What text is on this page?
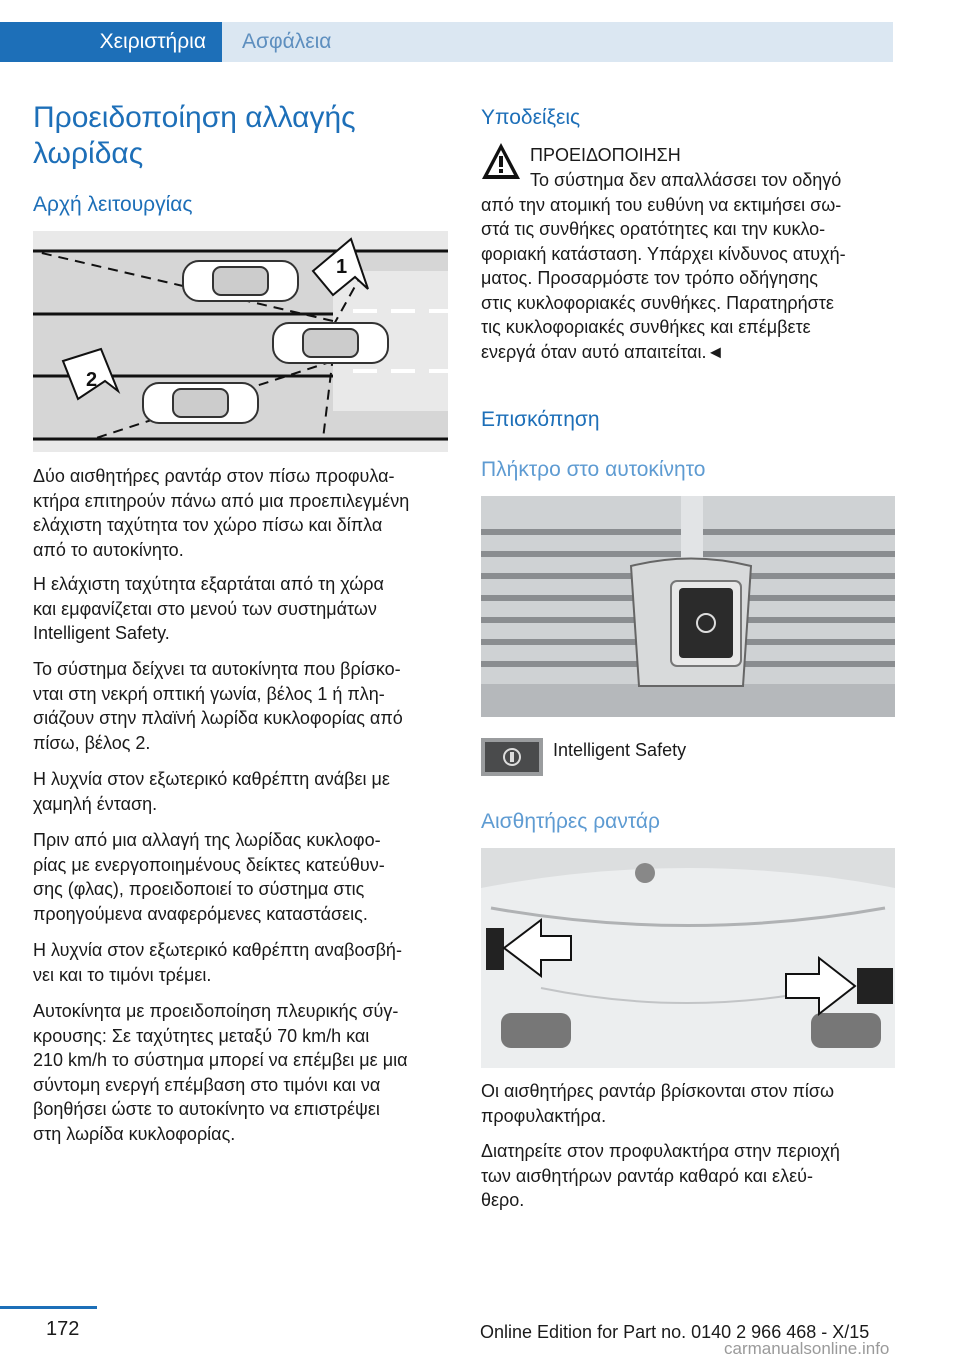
Χειριστήρια	Ασφάλεια
Προειδοποίηση αλλαγής
λωρίδας
Αρχή λειτουργίας
1
2
Δύο αισθητήρες ραντάρ στον πίσω προφυλα-
κτήρα επιτηρούν πάνω από μια προεπιλεγμένη
ελάχιστη ταχύτητα τον χώρο πίσω και δίπλα
από το αυτοκίνητο.
Η ελάχιστη ταχύτητα εξαρτάται από τη χώρα
και εμφανίζεται στο μενού των συστημάτων
Intelligent Safety.
Το σύστημα δείχνει τα αυτοκίνητα που βρίσκο-
νται στη νεκρή οπτική γωνία, βέλος 1 ή πλη-
σιάζουν στην πλαϊνή λωρίδα κυκλοφορίας από
πίσω, βέλος 2.
Η λυχνία στον εξωτερικό καθρέπτη ανάβει με
χαμηλή ένταση.
Πριν από μια αλλαγή της λωρίδας κυκλοφο-
ρίας με ενεργοποιημένους δείκτες κατεύθυν-
σης (φλας), προειδοποιεί το σύστημα στις
προηγούμενα αναφερόμενες καταστάσεις.
Η λυχνία στον εξωτερικό καθρέπτη αναβοσβή-
νει και το τιμόνι τρέμει.
Αυτοκίνητα με προειδοποίηση πλευρικής σύγ-
κρουσης: Σε ταχύτητες μεταξύ 70 km/h και
210 km/h το σύστημα μπορεί να επέμβει με μια
σύντομη ενεργή επέμβαση στο τιμόνι και να
βοηθήσει ώστε το αυτοκίνητο να επιστρέψει
στη λωρίδα κυκλοφορίας.
Υποδείξεις
ΠΡΟΕΙΔΟΠΟΙΗΣΗ
Το σύστημα δεν απαλλάσσει τον οδηγό
από την ατομική του ευθύνη να εκτιμήσει σω-
στά τις συνθήκες ορατότητες και την κυκλο-
φοριακή κατάσταση. Υπάρχει κίνδυνος ατυχή-
ματος. Προσαρμόστε τον τρόπο οδήγησης
στις κυκλοφοριακές συνθήκες. Παρατηρήστε
τις κυκλοφοριακές συνθήκες και επέμβετε
ενεργά όταν αυτό απαιτείται.◄
Επισκόπηση
Πλήκτρο στο αυτοκίνητο
Intelligent Safety
Αισθητήρες ραντάρ
Οι αισθητήρες ραντάρ βρίσκονται στον πίσω
προφυλακτήρα.
Διατηρείτε στον προφυλακτήρα στην περιοχή
των αισθητήρων ραντάρ καθαρό και ελεύ-
θερο.
172	Online Edition for Part no. 0140 2 966 468 - X/15
carmanualsonline.info
